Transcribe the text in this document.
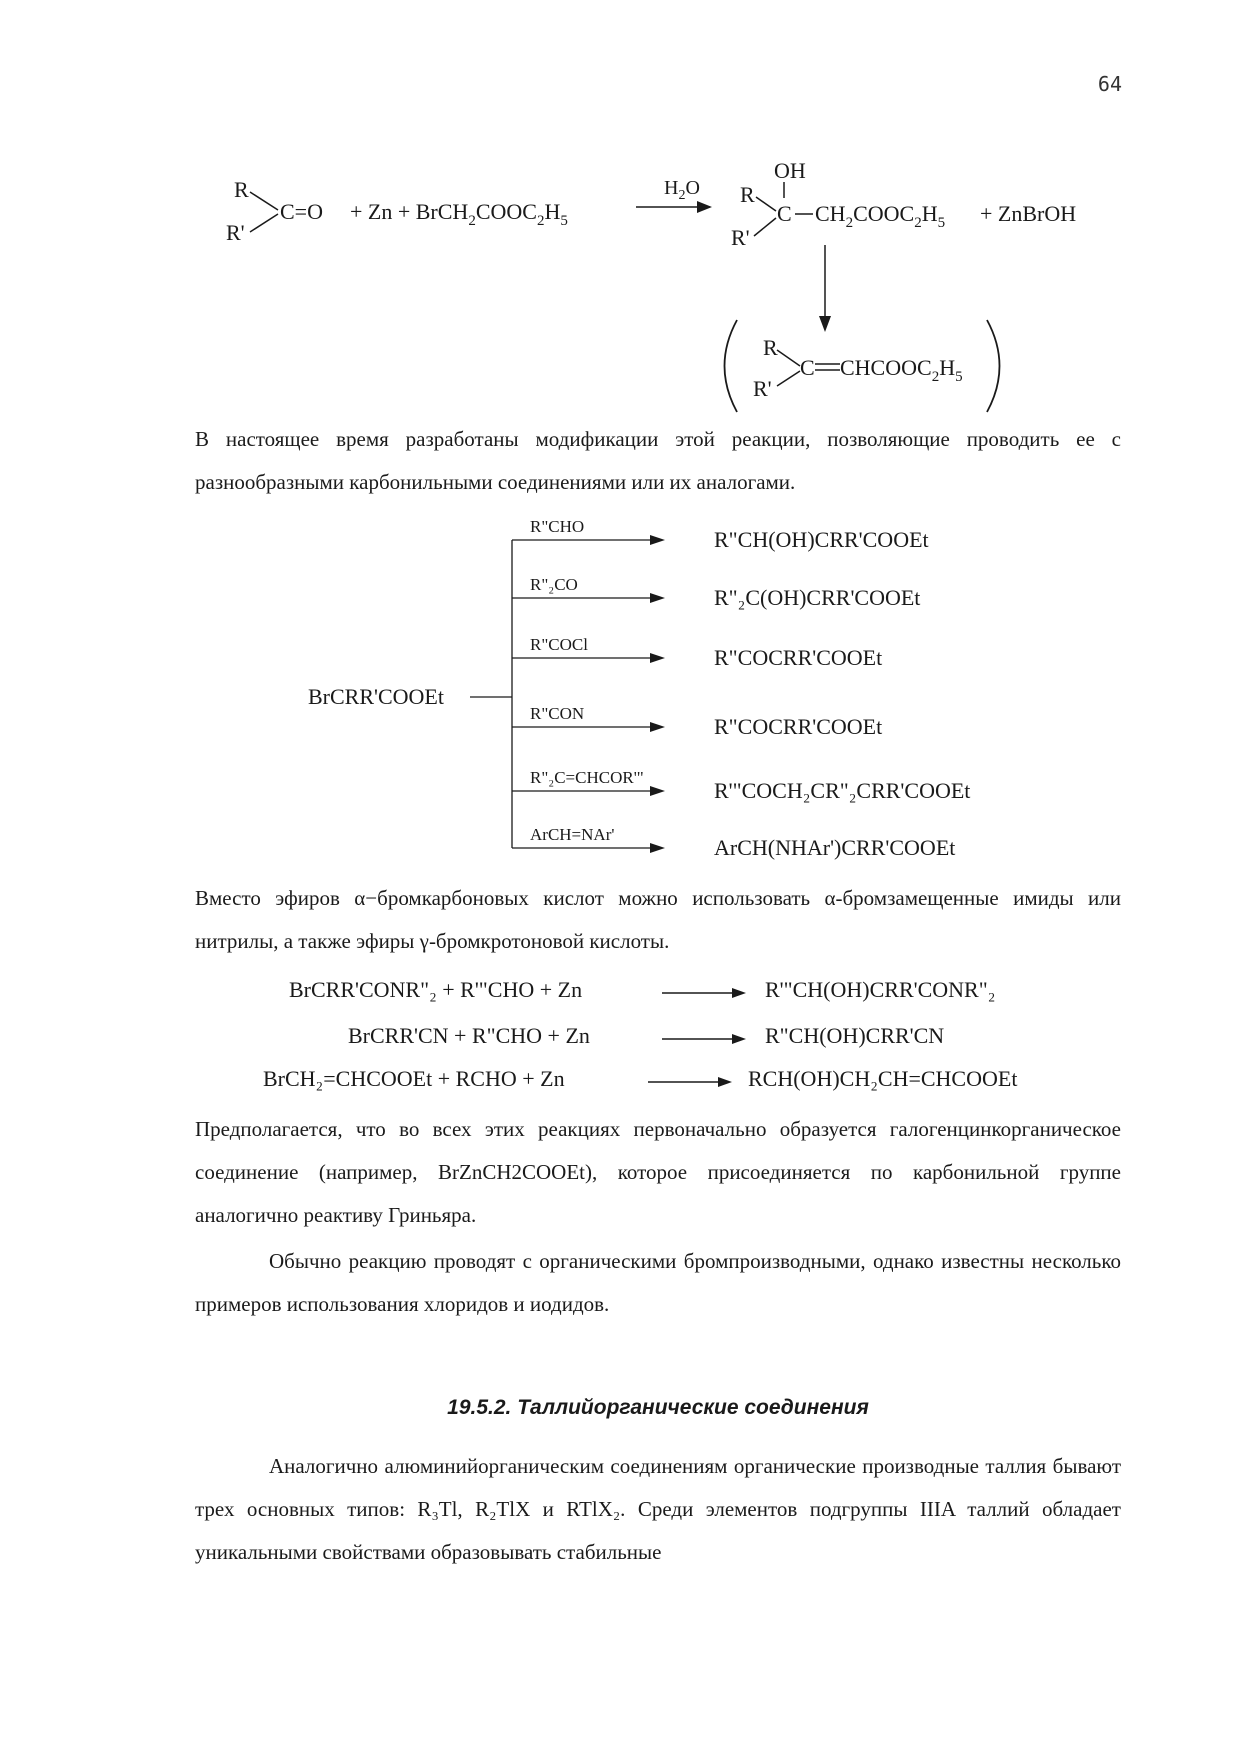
64
R
R'
$C=O + Zn + BrCH_2COOC_2H_5$
$H_2O$
OH
R
R'
C $CH_2COOC_2H_5$ + ZnBrOH
R
R'
C $CHCOOC_2H_5$

В настоящее время разработаны модификации этой реакции, позволяющие проводить ее с разнообразными карбонильными соединениями или их аналогами.

BrCRR'COOEt
R"CHO
R"CH(OH)CRR'COOEt
R"₂CO
R"₂C(OH)CRR'COOEt
R"COCl
R"COCRR'COOEt
R"CON
R"COCRR'COOEt
R"₂C=CHCOR'"
R'"COCH₂CR"₂CRR'COOEt
ArCH=NAr'
ArCH(NHAr')CRR'COOEt

Вместо эфиров α−бромкарбоновых кислот можно использовать α-бромзамещенные имиды или нитрилы, а также эфиры γ-бромкротоновой кислоты.

BrCRR'CONR"₂ + R'"CHO + Zn	R'"CH(OH)CRR'CONR"₂
BrCRR'CN + R"CHO + Zn	R"CH(OH)CRR'CN
BrCH₂=CHCOOEt + RCHO + Zn	RCH(OH)CH₂CH=CHCOOEt

Предполагается, что во всех этих реакциях первоначально образуется галогенцинкорганическое соединение (например, BrZnCH2COOEt), которое присоединяется по карбонильной группе аналогично реактиву Гриньяра.

Обычно реакцию проводят с органическими бромпроизводными, однако известны несколько примеров использования хлоридов и иодидов.

19.5.2. Таллийорганические соединения

Аналогично алюминийорганическим соединениям органические производные таллия бывают трех основных типов: R₃Tl, R₂TlX и RTlX₂. Среди элементов подгруппы IIIA таллий обладает уникальными свойствами образовывать стабильные
